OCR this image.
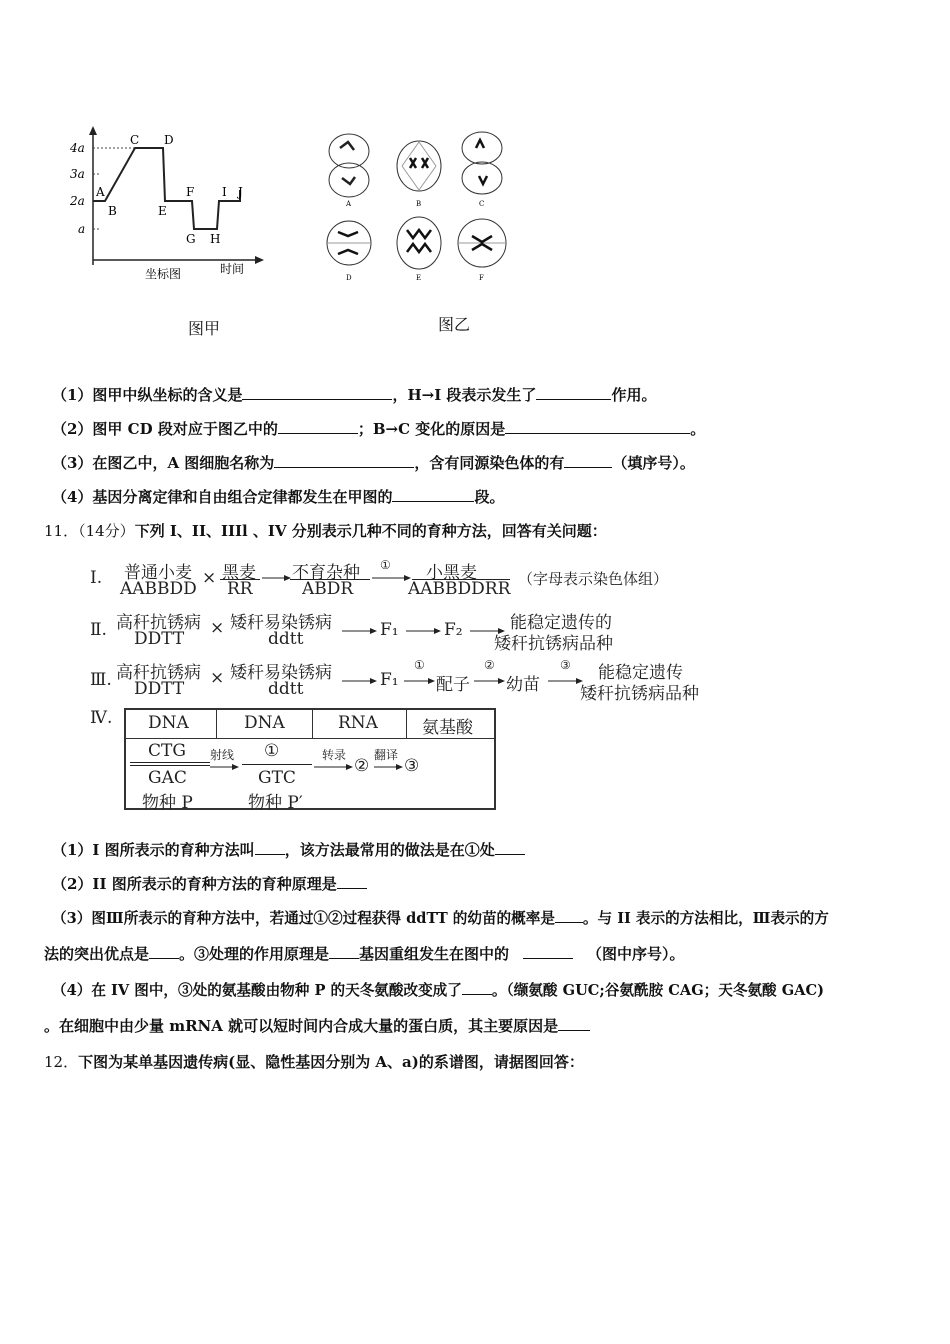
4a
3a
2a
a
A
B
C D
E
F
G H
I J
坐标图	时间
图甲
A	B	C
D	E	F
图乙
（1）图甲中纵坐标的含义是	，H→I 段表示发生了	作用。
（2）图甲 CD 段对应于图乙中的	；B→C 变化的原因是	。
（3）在图乙中，A 图细胞名称为	，含有同源染色体的有	（填序号）。
（4）基因分离定律和自由组合定律都发生在甲图的	段。
11．（14分）下列 I、II、IIIl 、IV 分别表示几种不同的育种方法，回答有关问题：
Ⅰ. 普通小麦
AABBDD
× 黑麦
RR
不育杂种
ABDR
① 小黑麦
AABBDDRR （字母表示染色体组）
Ⅱ. 高秆抗锈病
DDTT
× 矮秆易染锈病
ddtt	F₁	F₂	能稳定遗传的
矮秆抗锈病品种
Ⅲ. 高秆抗锈病
DDTT
× 矮秆易染锈病
ddtt	F₁
①
配子
②
幼苗
③ 能稳定遗传
矮秆抗锈病品种
Ⅳ. DNA	DNA	RNA	氨基酸
CTG
GAC
物种 P
射线 ①
GTC
物种 P′
转录
②
翻译
③
（1）I 图所表示的育种方法叫 ，该方法最常用的做法是在①处
（2）II 图所表示的育种方法的育种原理是
（3）图Ⅲ所表示的育种方法中，若通过①②过程获得 ddTT 的幼苗的概率是 。与 II 表示的方法相比，Ⅲ表示的方
法的突出优点是 。③处理的作用原理是 基因重组发生在图中的	（图中序号）。
（4）在 IV 图中，③处的氨基酸由物种 P 的天冬氨酸改变成了 。（缬氨酸 GUC;谷氨酰胺 CAG；天冬氨酸 GAC)
。在细胞中由少量 mRNA 就可以短时间内合成大量的蛋白质，其主要原因是
12．下图为某单基因遗传病(显、隐性基因分别为 A、a)的系谱图，请据图回答：
